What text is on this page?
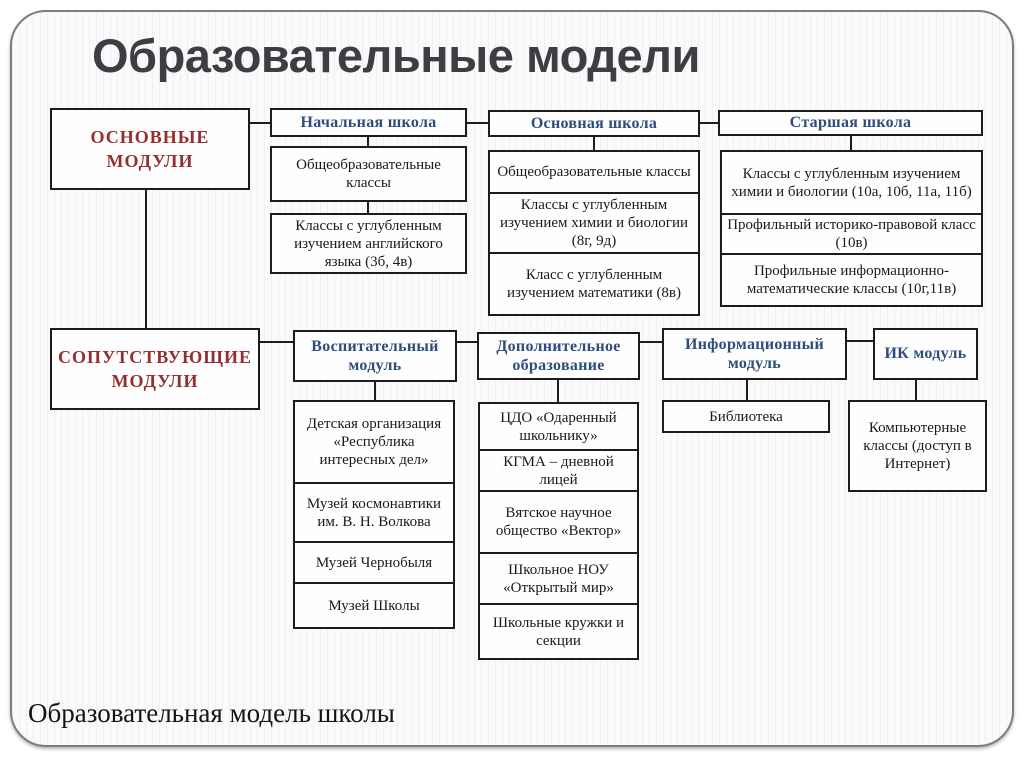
Образовательные модели
ОСНОВНЫЕ МОДУЛИ
Начальная школа
Общеобразовательные классы
Классы с углубленным изучением английского языка (3б, 4в)
Основная школа
Общеобразовательные классы
Классы с углубленным изучением химии и биологии (8г, 9д)
Класс с углубленным изучением математики (8в)
Старшая школа
Классы с углубленным изучением химии и биологии (10а, 10б, 11а, 11б)
Профильный историко-правовой класс (10в)
Профильные информационно-математические классы (10г,11в)
СОПУТСТВУЮЩИЕ МОДУЛИ
Воспитательный модуль
Детская организация «Республика интересных дел»
Музей космонавтики им. В. Н. Волкова
Музей Чернобыля
Музей Школы
Дополнительное образование
ЦДО «Одаренный школьнику»
КГМА – дневной лицей
Вятское научное общество «Вектор»
Школьное НОУ «Открытый мир»
Школьные кружки и секции
Информационный модуль
Библиотека
ИК модуль
Компьютерные классы (доступ в Интернет)
Образовательная модель школы
